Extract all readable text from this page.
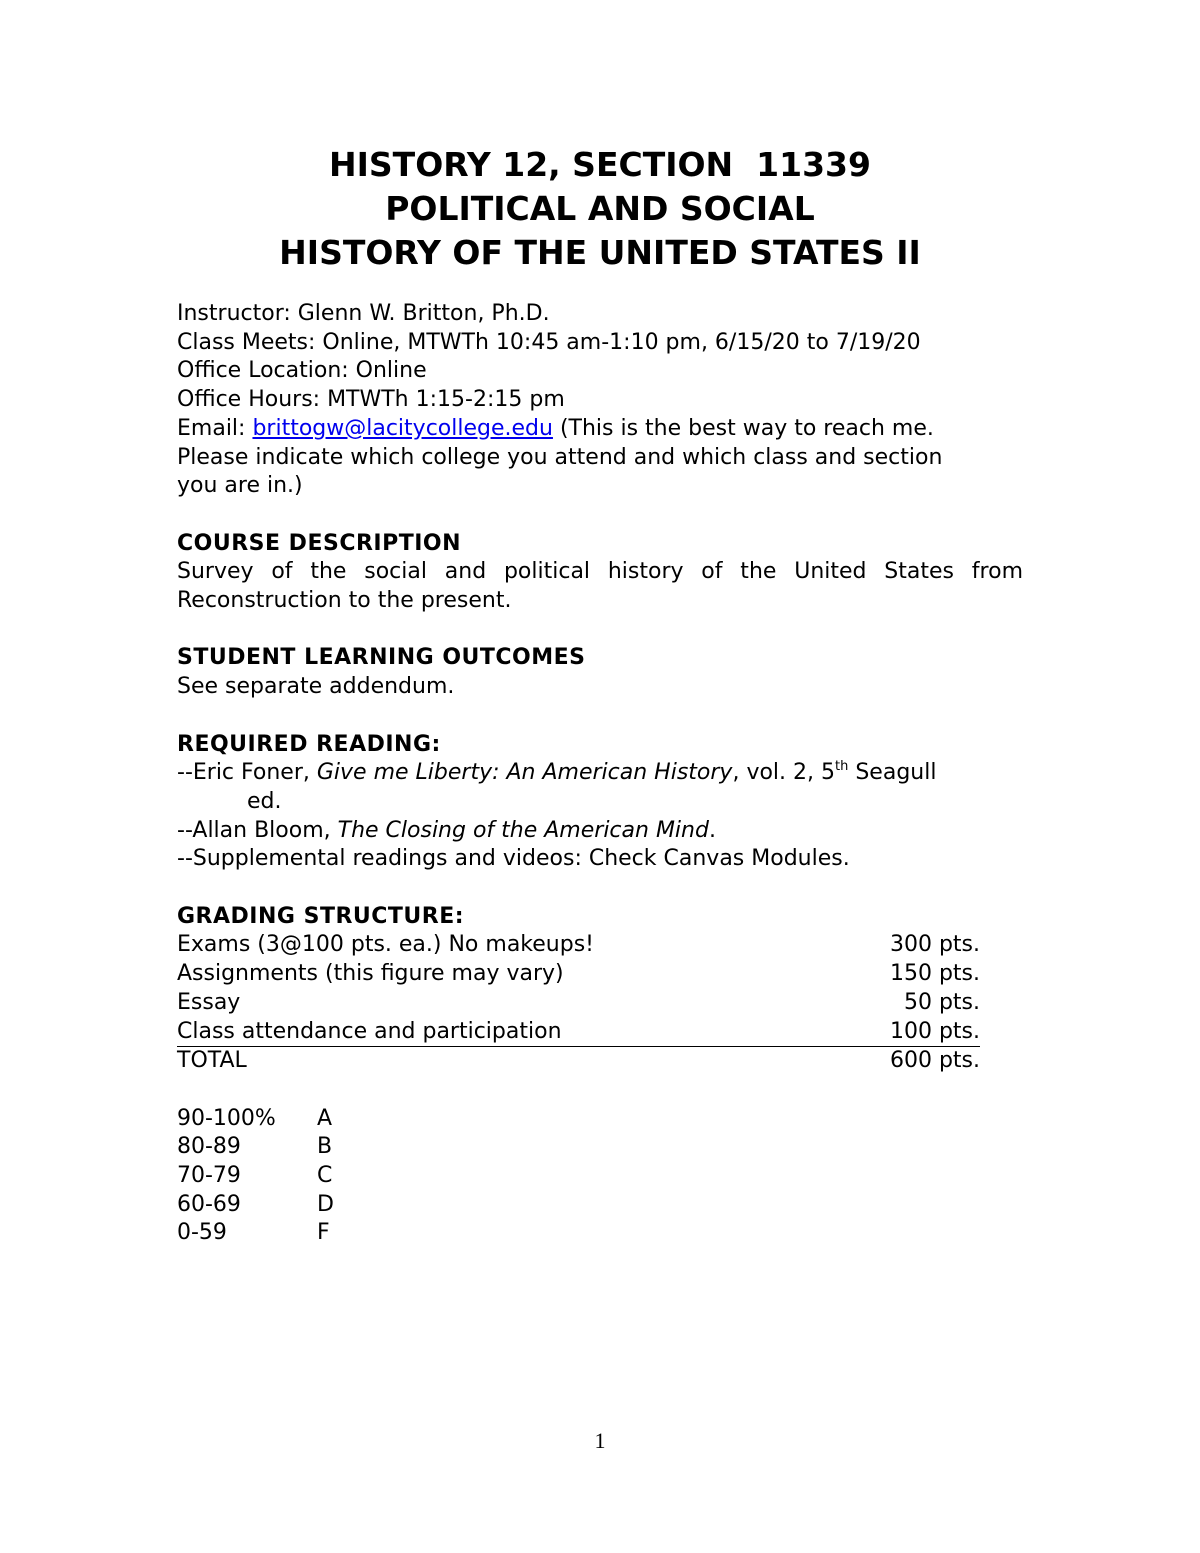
HISTORY 12, SECTION  11339
POLITICAL AND SOCIAL
HISTORY OF THE UNITED STATES II
Instructor: Glenn W. Britton, Ph.D.
Class Meets: Online, MTWTh 10:45 am-1:10 pm, 6/15/20 to 7/19/20
Office Location: Online
Office Hours: MTWTh 1:15-2:15 pm
Email: brittogw@lacitycollege.edu (This is the best way to reach me.
Please indicate which college you attend and which class and section
you are in.)
COURSE DESCRIPTION
Survey of the social and political history of the United States from Reconstruction to the present.
STUDENT LEARNING OUTCOMES
See separate addendum.
REQUIRED READING:
--Eric Foner, Give me Liberty: An American History, vol. 2, 5th Seagull
ed.
--Allan Bloom, The Closing of the American Mind.
--Supplemental readings and videos: Check Canvas Modules.
GRADING STRUCTURE:
Exams (3@100 pts. ea.) No makeups!	300 pts.
Assignments (this figure may vary)	150 pts.
Essay	50 pts.
Class attendance and participation	100 pts.
TOTAL	600 pts.
90-100%	A
80-89	B
70-79	C
60-69	D
0-59	F
1
